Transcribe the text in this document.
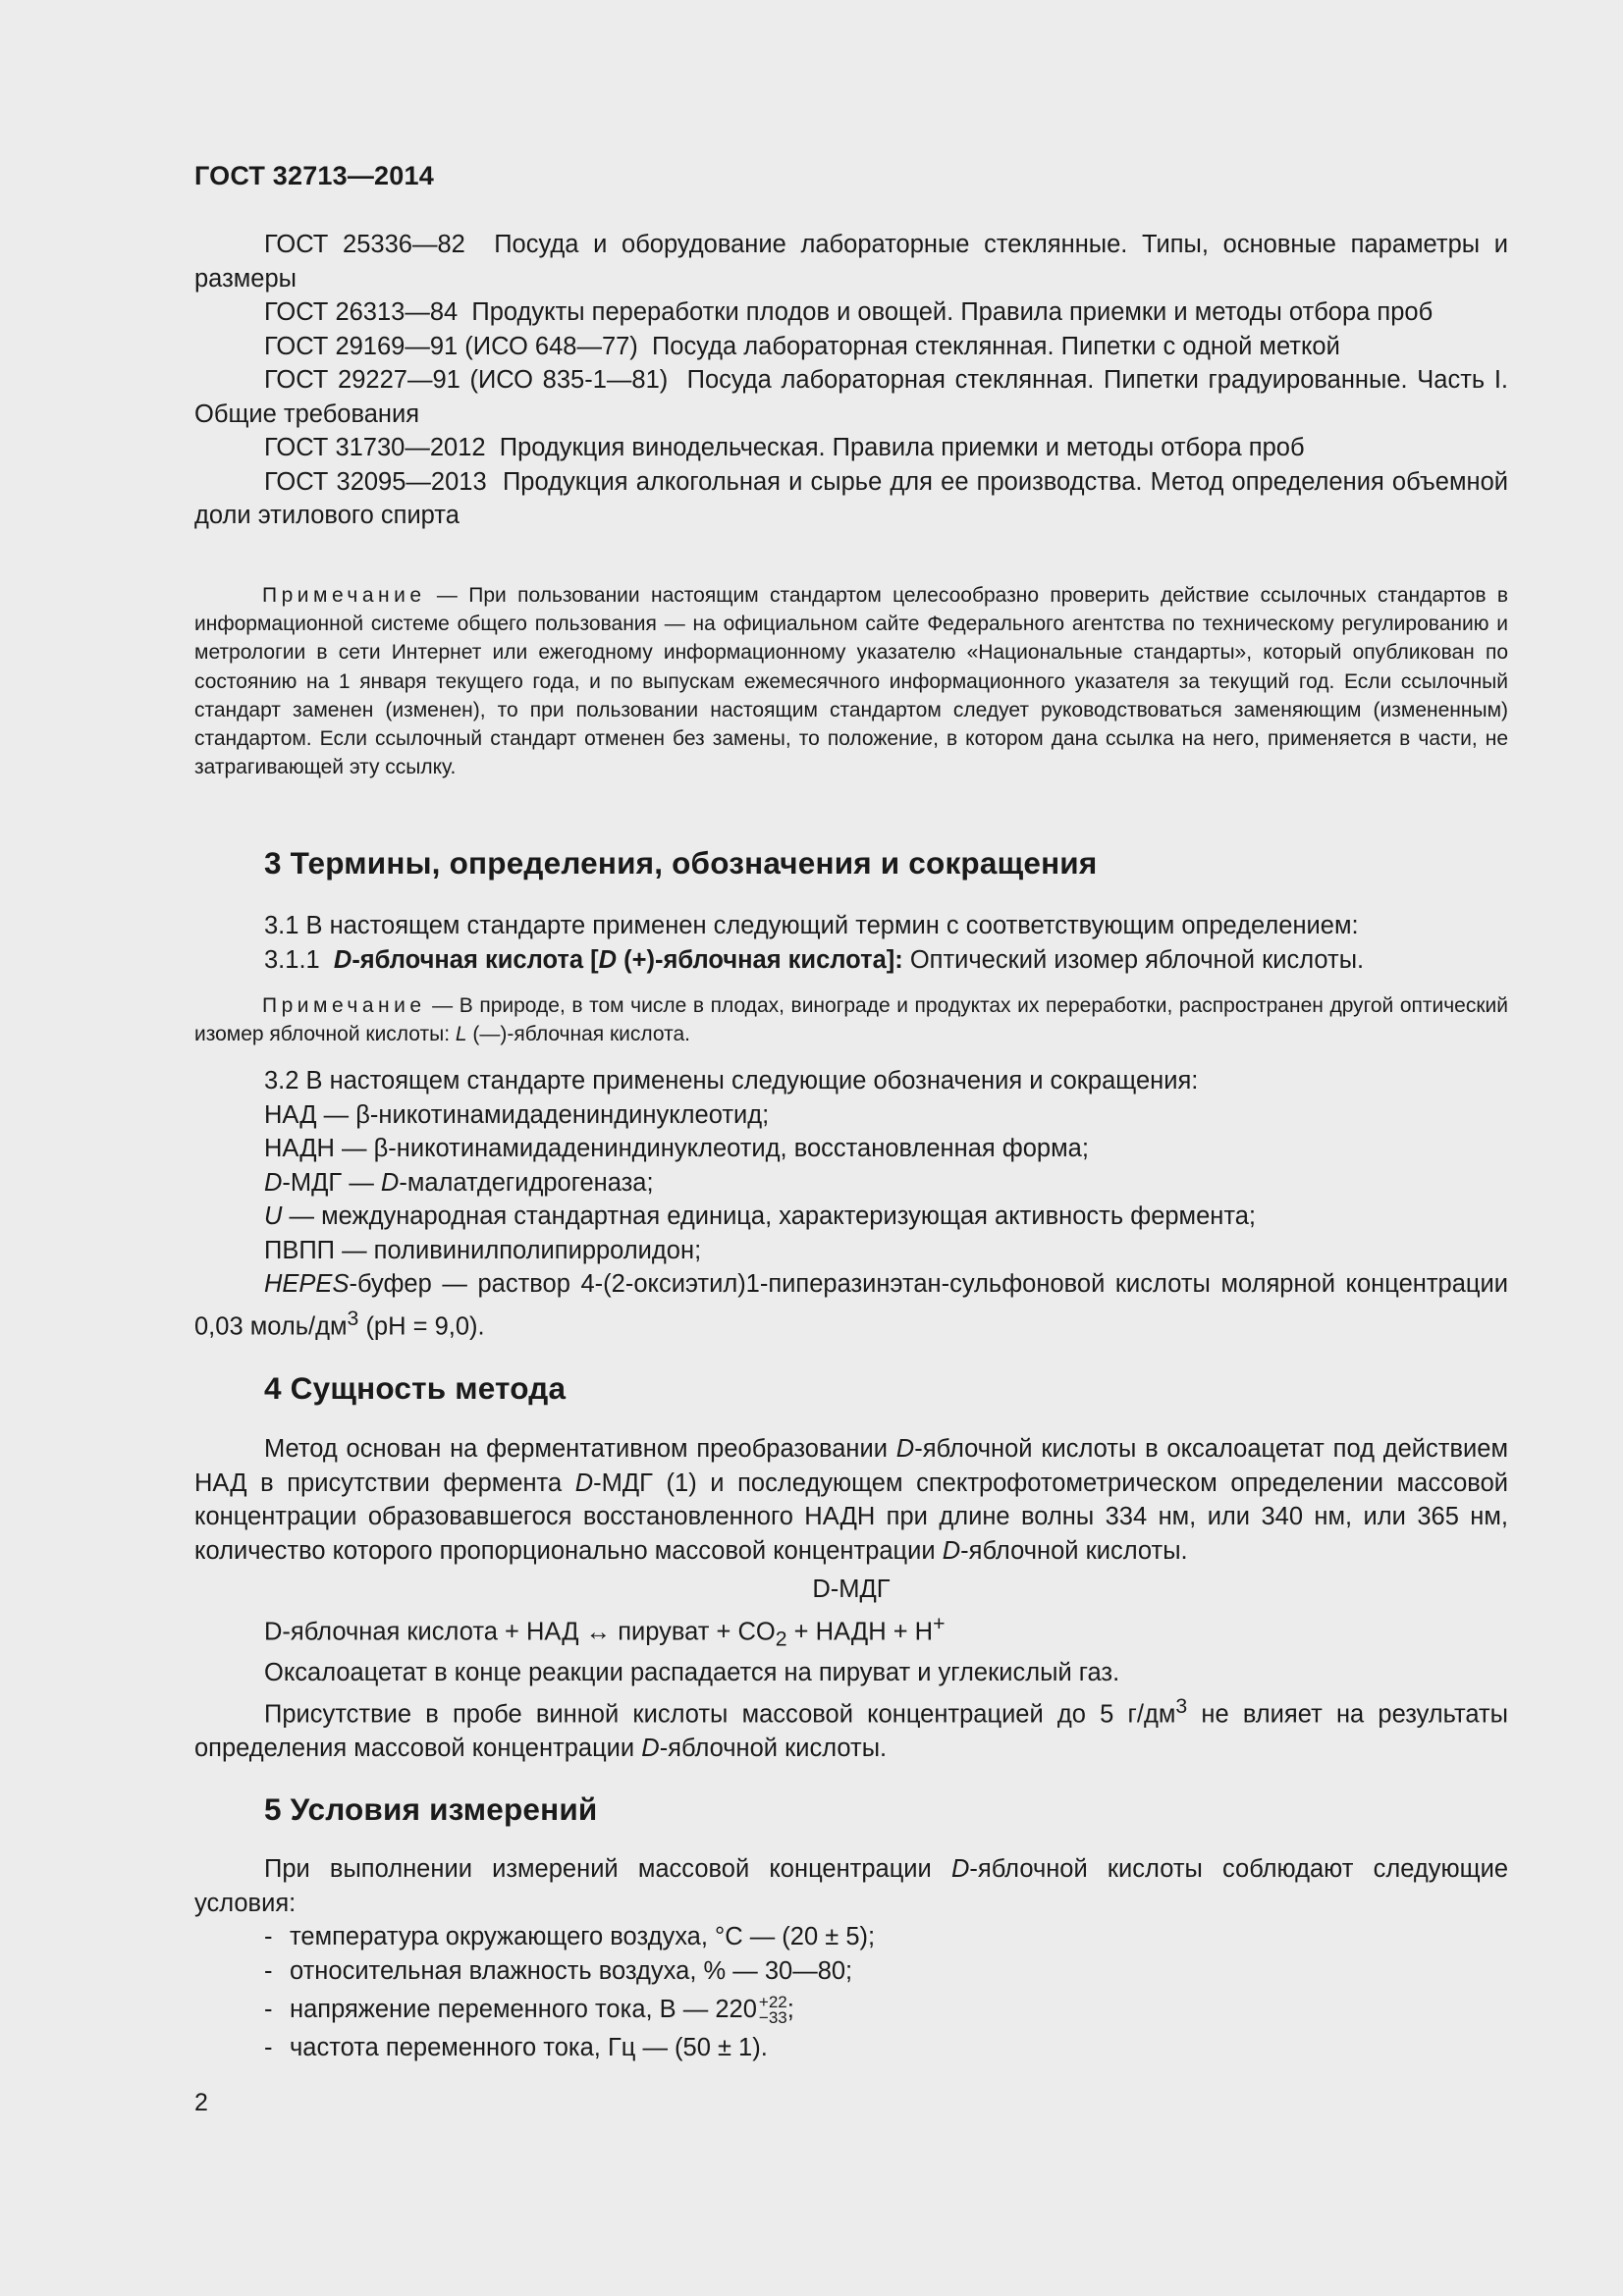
ГОСТ 32713—2014

ГОСТ 25336—82 Посуда и оборудование лабораторные стеклянные. Типы, основные параметры и размеры

ГОСТ 26313—84 Продукты переработки плодов и овощей. Правила приемки и методы отбора проб

ГОСТ 29169—91 (ИСО 648—77) Посуда лабораторная стеклянная. Пипетки с одной меткой

ГОСТ 29227—91 (ИСО 835-1—81) Посуда лабораторная стеклянная. Пипетки градуированные. Часть I. Общие требования

ГОСТ 31730—2012 Продукция винодельческая. Правила приемки и методы отбора проб

ГОСТ 32095—2013 Продукция алкогольная и сырье для ее производства. Метод определения объемной доли этилового спирта

Примечание — При пользовании настоящим стандартом целесообразно проверить действие ссылочных стандартов в информационной системе общего пользования — на официальном сайте Федерального агентства по техническому регулированию и метрологии в сети Интернет или ежегодному информационному указателю «Национальные стандарты», который опубликован по состоянию на 1 января текущего года, и по выпускам ежемесячного информационного указателя за текущий год. Если ссылочный стандарт заменен (изменен), то при пользовании настоящим стандартом следует руководствоваться заменяющим (измененным) стандартом. Если ссылочный стандарт отменен без замены, то положение, в котором дана ссылка на него, применяется в части, не затрагивающей эту ссылку.

3 Термины, определения, обозначения и сокращения

3.1 В настоящем стандарте применен следующий термин с соответствующим определением:

3.1.1 D-яблочная кислота [D (+)-яблочная кислота]: Оптический изомер яблочной кислоты.

Примечание — В природе, в том числе в плодах, винограде и продуктах их переработки, распространен другой оптический изомер яблочной кислоты: L (—)-яблочная кислота.

3.2 В настоящем стандарте применены следующие обозначения и сокращения:

НАД — β-никотинамидадениндинуклеотид;

НАДН — β-никотинамидадениндинуклеотид, восстановленная форма;

D-МДГ — D-малатдегидрогеназа;

U — международная стандартная единица, характеризующая активность фермента;

ПВПП — поливинилполипирролидон;

HEPES-буфер — раствор 4-(2-оксиэтил)1-пиперазинэтан-сульфоновой кислоты молярной концентрации 0,03 моль/$дм^3$ (pH = 9,0).

4 Сущность метода

Метод основан на ферментативном преобразовании D-яблочной кислоты в оксалоацетат под действием НАД в присутствии фермента D-МДГ (1) и последующем спектрофотометрическом определении массовой концентрации образовавшегося восстановленного НАДН при длине волны 334 нм, или 340 нм, или 365 нм, количество которого пропорционально массовой концентрации D-яблочной кислоты.

D-МДГ

D-яблочная кислота + НАД ↔ пируват + $CO_2$ + НАДН + H+

Оксалоацетат в конце реакции распадается на пируват и углекислый газ.

Присутствие в пробе винной кислоты массовой концентрацией до 5 $г/дм^3$ не влияет на результаты определения массовой концентрации D-яблочной кислоты.

5 Условия измерений

При выполнении измерений массовой концентрации D-яблочной кислоты соблюдают следующие условия:

- температура окружающего воздуха, °С — (20 ± 5);

- относительная влажность воздуха, % — 30—80;

- напряжение переменного тока, В — 220 +22
−33 ;

- частота переменного тока, Гц — (50 ± 1).

2
